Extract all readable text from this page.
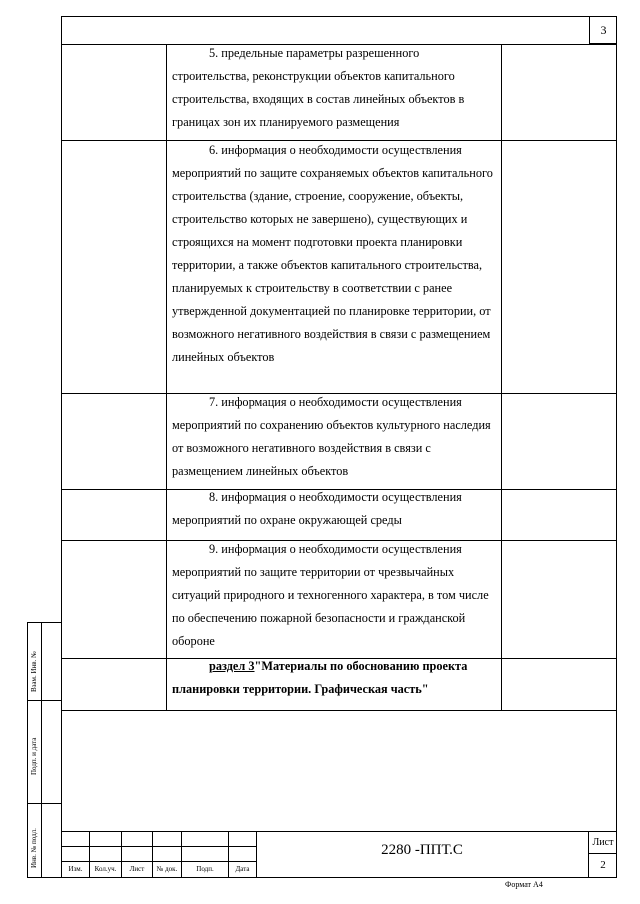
3

5. предельные параметры разрешенного

строительства, реконструкции объектов капитального строительства, входящих в состав линейных объектов в границах зон их планируемого размещения

6. информация о необходимости осуществления

мероприятий по защите сохраняемых объектов капитального строительства (здание, строение, сооружение, объекты, строительство которых не завершено), существующих и строящихся на момент подготовки проекта планировки территории, а также объектов капитального строительства, планируемых к строительству в соответствии с ранее утвержденной документацией по планировке территории, от возможного негативного воздействия в связи с размещением линейных объектов

7. информация о необходимости осуществления

мероприятий по сохранению объектов культурного наследия от возможного негативного воздействия в связи с размещением линейных объектов

8. информация о необходимости осуществления

мероприятий по охране окружающей среды

9. информация о необходимости осуществления

мероприятий по защите территории от чрезвычайных ситуаций природного и техногенного характера, в том числе по обеспечению пожарной безопасности и гражданской обороне

раздел 3"Материалы по обоснованию проекта планировки территории. Графическая часть"

Взам. Инв. №
Подп. и дата
Инв. № подл.
Изм.	Кол.уч.	Лист	№ док.	Подп.	Дата
2280 -ППТ.С	Лист
2
Формат А4
